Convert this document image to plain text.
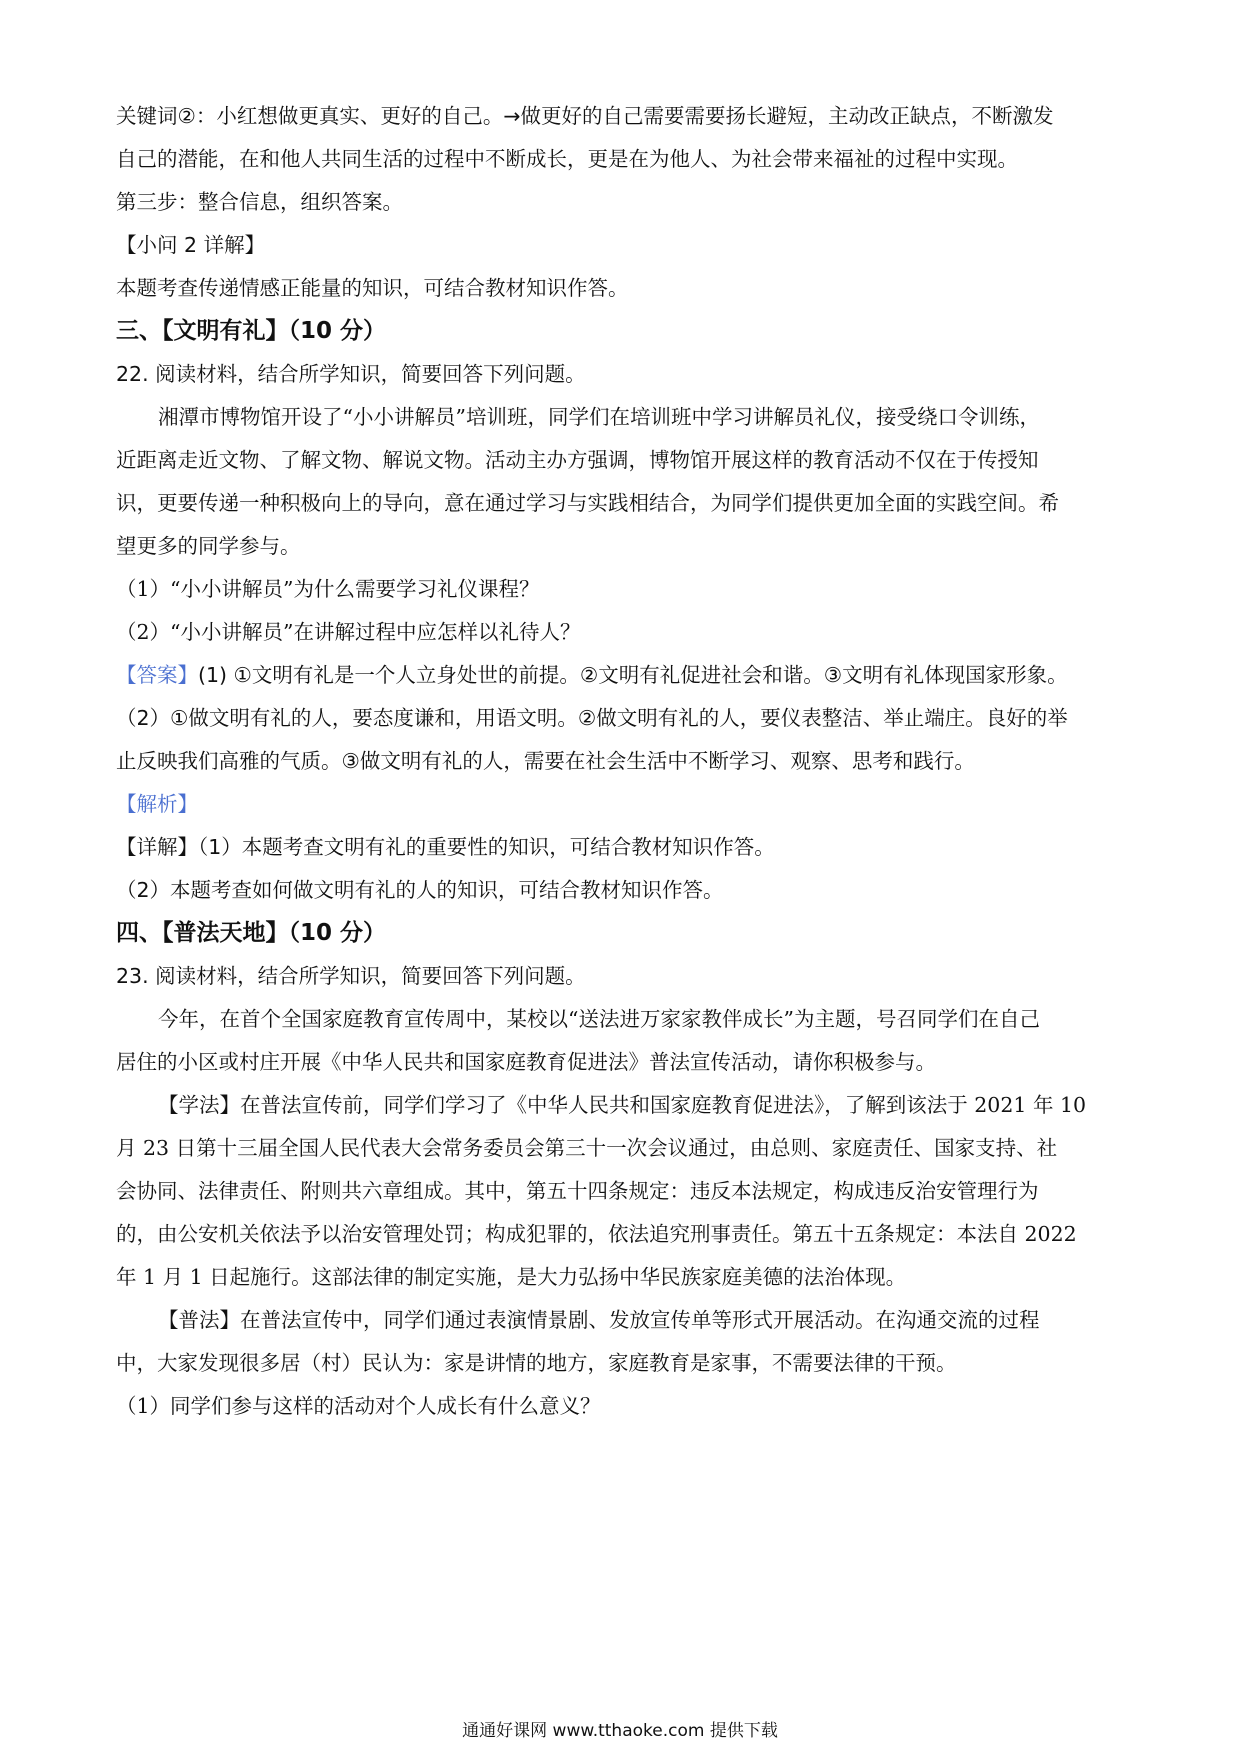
关键词②：小红想做更真实、更好的自己。→做更好的自己需要需要扬长避短，主动改正缺点，不断激发
自己的潜能，在和他人共同生活的过程中不断成长，更是在为他人、为社会带来福祉的过程中实现。
第三步：整合信息，组织答案。
【小问 2 详解】
本题考查传递情感正能量的知识，可结合教材知识作答。
三、【文明有礼】（10 分）
22. 阅读材料，结合所学知识，简要回答下列问题。
湘潭市博物馆开设了“小小讲解员”培训班，同学们在培训班中学习讲解员礼仪，接受绕口令训练，
近距离走近文物、了解文物、解说文物。活动主办方强调，博物馆开展这样的教育活动不仅在于传授知
识，更要传递一种积极向上的导向，意在通过学习与实践相结合，为同学们提供更加全面的实践空间。希
望更多的同学参与。
（1）“小小讲解员”为什么需要学习礼仪课程？
（2）“小小讲解员”在讲解过程中应怎样以礼待人？
【答案】(1) ①文明有礼是一个人立身处世的前提。②文明有礼促进社会和谐。③文明有礼体现国家形象。
（2）①做文明有礼的人，要态度谦和，用语文明。②做文明有礼的人，要仪表整洁、举止端庄。良好的举
止反映我们高雅的气质。③做文明有礼的人，需要在社会生活中不断学习、观察、思考和践行。
【解析】
【详解】（1）本题考查文明有礼的重要性的知识，可结合教材知识作答。
（2）本题考查如何做文明有礼的人的知识，可结合教材知识作答。
四、【普法天地】（10 分）
23. 阅读材料，结合所学知识，简要回答下列问题。
今年，在首个全国家庭教育宣传周中，某校以“送法进万家家教伴成长”为主题，号召同学们在自己
居住的小区或村庄开展《中华人民共和国家庭教育促进法》普法宣传活动，请你积极参与。
【学法】在普法宣传前，同学们学习了《中华人民共和国家庭教育促进法》，了解到该法于 2021 年 10
月 23 日第十三届全国人民代表大会常务委员会第三十一次会议通过，由总则、家庭责任、国家支持、社
会协同、法律责任、附则共六章组成。其中，第五十四条规定：违反本法规定，构成违反治安管理行为
的，由公安机关依法予以治安管理处罚；构成犯罪的，依法追究刑事责任。第五十五条规定：本法自 2022
年 1 月 1 日起施行。这部法律的制定实施，是大力弘扬中华民族家庭美德的法治体现。
【普法】在普法宣传中，同学们通过表演情景剧、发放宣传单等形式开展活动。在沟通交流的过程
中，大家发现很多居（村）民认为：家是讲情的地方，家庭教育是家事，不需要法律的干预。
（1）同学们参与这样的活动对个人成长有什么意义？
通通好课网 www.tthaoke.com 提供下载
